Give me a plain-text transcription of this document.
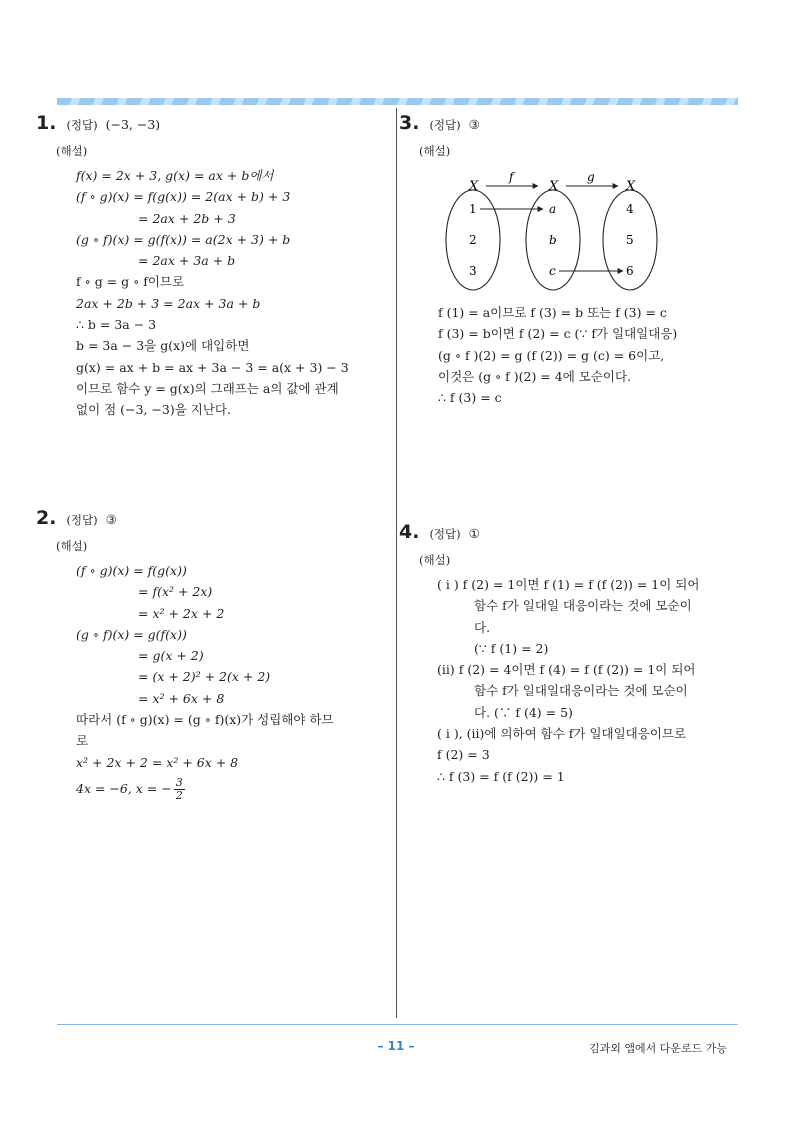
1. (정답) (−3, −3)
(해설)
f(x) = 2x + 3, g(x) = ax + b에서
(f ∘ g)(x) = f(g(x)) = 2(ax + b) + 3
= 2ax + 2b + 3
(g ∘ f)(x) = g(f(x)) = a(2x + 3) + b
= 2ax + 3a + b
f ∘ g = g ∘ f이므로
2ax + 2b + 3 = 2ax + 3a + b
∴ b = 3a − 3
b = 3a − 3을 g(x)에 대입하면
g(x) = ax + b = ax + 3a − 3 = a(x + 3) − 3
이므로 함수 y = g(x)의 그래프는 a의 값에 관계
없이 점 (−3, −3)을 지난다.
2. (정답) ③
(해설)
(f ∘ g)(x) = f(g(x))
= f(x² + 2x)
= x² + 2x + 2
(g ∘ f)(x) = g(f(x))
= g(x + 2)
= (x + 2)² + 2(x + 2)
= x² + 6x + 8
따라서 (f ∘ g)(x) = (g ∘ f)(x)가 성립해야 하므
로
x² + 2x + 2 = x² + 6x + 8
4x = −6, x = − $\frac{3}{2}$
3. (정답) ③
(해설)
X	X	X
f	g
1
2
3
a
b
c
4
5
6
f (1) = a이므로 f (3) = b 또는 f (3) = c
f (3) = b이면 f (2) = c (∵ f가 일대일대응)
(g ∘ f )(2) = g (f (2)) = g (c) = 6이고,
이것은 (g ∘ f )(2) = 4에 모순이다.
∴ f (3) = c
4. (정답) ①
(해설)
( i ) f (2) = 1이면 f (1) = f (f (2)) = 1이 되어
함수 f가 일대일 대응이라는 것에 모순이
다.
(∵ f (1) = 2)
(ii) f (2) = 4이면 f (4) = f (f (2)) = 1이 되어
함수 f가 일대일대응이라는 것에 모순이
다. (∵ f (4) = 5)
( i ), (ii)에 의하여 함수 f가 일대일대응이므로
f (2) = 3
∴ f (3) = f (f (2)) = 1
– 11 –	김과외 앱에서 다운로드 가능
